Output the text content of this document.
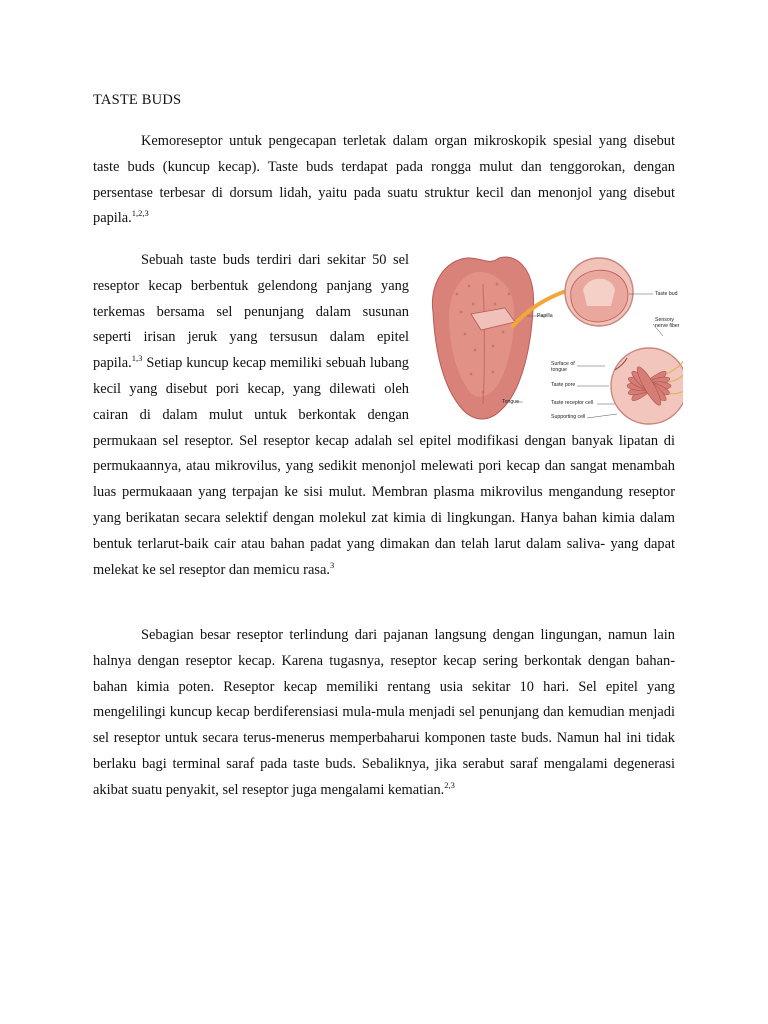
TASTE BUDS

Kemoreseptor untuk pengecapan terletak dalam organ mikroskopik spesial yang disebut taste buds (kuncup kecap). Taste buds terdapat pada rongga mulut dan tenggorokan, dengan persentase terbesar di dorsum lidah, yaitu pada suatu struktur kecil dan menonjol yang disebut papila.$^{1,2,3}$

Sebuah taste buds terdiri dari sekitar 50 sel reseptor kecap berbentuk gelendong panjang yang terkemas bersama sel penunjang dalam susunan seperti irisan jeruk yang tersusun dalam epitel papila.$^{1,3}$ Setiap kuncup kecap memiliki sebuah lubang kecil yang disebut pori kecap, yang dilewati oleh cairan di dalam mulut untuk berkontak dengan permukaan sel reseptor. Sel reseptor kecap adalah sel epitel modifikasi dengan banyak lipatan di permukaannya, atau mikrovilus, yang sedikit menonjol melewati pori kecap dan sangat menambah luas permukaaan yang terpajan ke sisi mulut. Membran plasma mikrovilus mengandung reseptor yang berikatan secara selektif dengan molekul zat kimia di lingkungan. Hanya bahan kimia dalam bentuk terlarut-baik cair atau bahan padat yang dimakan dan telah larut dalam saliva- yang dapat melekat ke sel reseptor dan memicu rasa.$^3$

Sebagian besar reseptor terlindung dari pajanan langsung dengan lingungan, namun lain halnya dengan reseptor kecap. Karena tugasnya, reseptor kecap sering berkontak dengan bahan-bahan kimia poten. Reseptor kecap memiliki rentang usia sekitar 10 hari. Sel epitel yang mengelilingi kuncup kecap berdiferensiasi mula-mula menjadi sel penunjang dan kemudian menjadi sel reseptor untuk secara terus-menerus memperbaharui komponen taste buds. Namun hal ini tidak berlaku bagi terminal saraf pada taste buds. Sebaliknya, jika serabut saraf mengalami degenerasi akibat suatu penyakit, sel reseptor juga mengalami kematian.$^{2,3}$

Papilla
Tongue
Taste bud
Sensory nerve fiber
Surface of tongue
Taste pore
Taste receptor cell
Supporting cell
